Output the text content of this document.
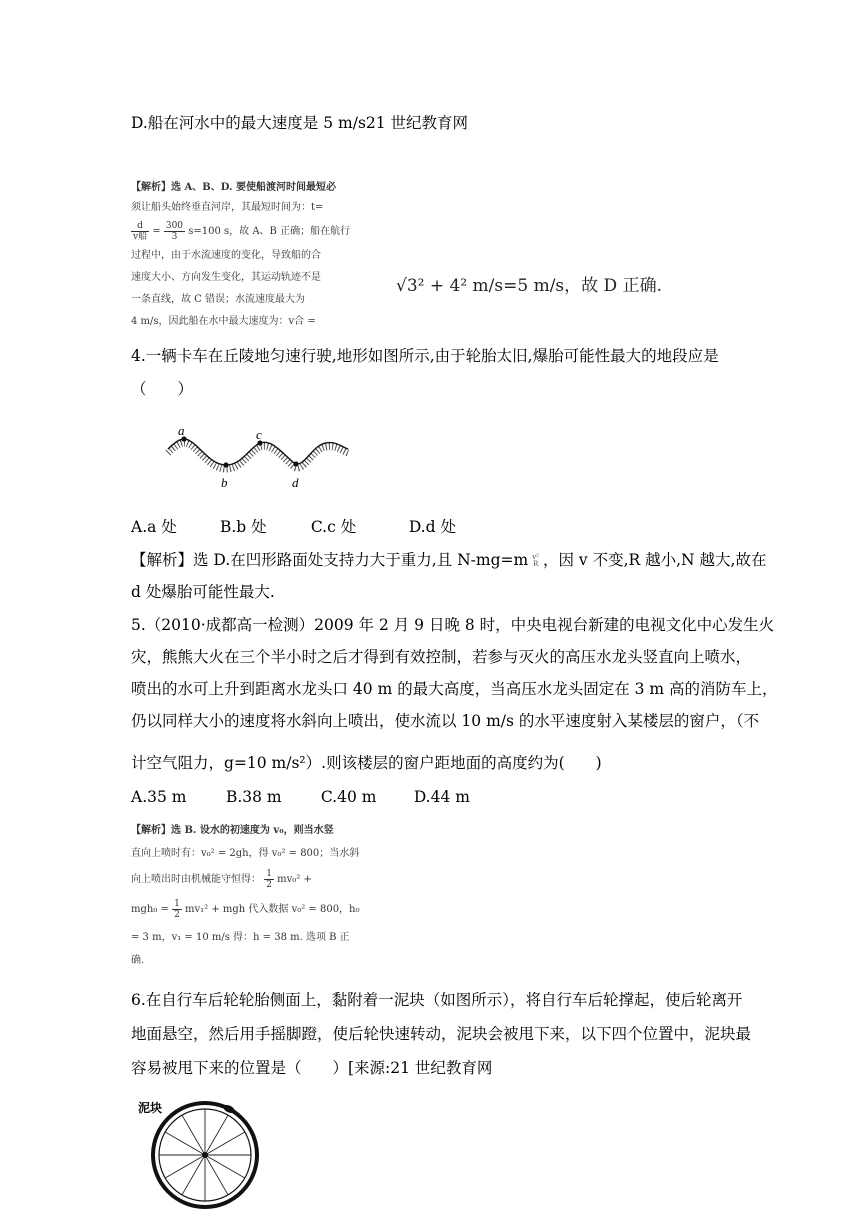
D.船在河水中的最大速度是 5 m/s21 世纪教育网
【解析】选 A、B、D. 要使船渡河时间最短必
须让船头始终垂直河岸，其最短时间为：t=
$\frac{d}{\text{v船}} = \frac{300}{3} s=100$ s，故 A、B 正确；船在航行
过程中，由于水流速度的变化，导致船的合
速度大小、方向发生变化，其运动轨迹不是
一条直线，故 C 错误；水流速度最大为
4 m/s，因此船在水中最大速度为：v合 =
√3² + 4² m/s=5 m/s，故 D 正确.
4.一辆卡车在丘陵地匀速行驶,地形如图所示,由于轮胎太旧,爆胎可能性最大的地段应是
（　　）
a
b
c
d
A.a 处	B.b 处	C.c 处	D.d 处
【解析】选 D.在凹形路面处支持力大于重力,且 N-mg=m v²
R ，因 v 不变,R 越小,N 越大,故在
d 处爆胎可能性最大.
5.（2010·成都高一检测）2009 年 2 月 9 日晚 8 时，中央电视台新建的电视文化中心发生火
灾，熊熊大火在三个半小时之后才得到有效控制，若参与灭火的高压水龙头竖直向上喷水，
喷出的水可上升到距离水龙头口 40 m 的最大高度，当高压水龙头固定在 3 m 高的消防车上，
仍以同样大小的速度将水斜向上喷出，使水流以 10 m/s 的水平速度射入某楼层的窗户，（不
计空气阻力，g=10 m/s²）.则该楼层的窗户距地面的高度约为(　　)
A.35 m	B.38 m	C.40 m D.44 m
【解析】选 B. 设水的初速度为 v₀，则当水竖
直向上喷时有：v₀² = 2gh，得 v₀² = 800；当水斜
向上喷出时由机械能守恒得： $\frac{1}{2} mv_0^2$ +
$mgh_0 = \frac{1}{2} mv_1^2$ + mgh 代入数据 v₀² = 800，h₀
= 3 m，v₁ = 10 m/s 得：h = 38 m. 选项 B 正
确.
6.在自行车后轮轮胎侧面上，黏附着一泥块（如图所示），将自行车后轮撑起，使后轮离开
地面悬空，然后用手摇脚蹬，使后轮快速转动，泥块会被甩下来，以下四个位置中，泥块最
容易被甩下来的位置是（　　）[来源:21 世纪教育网
泥块
